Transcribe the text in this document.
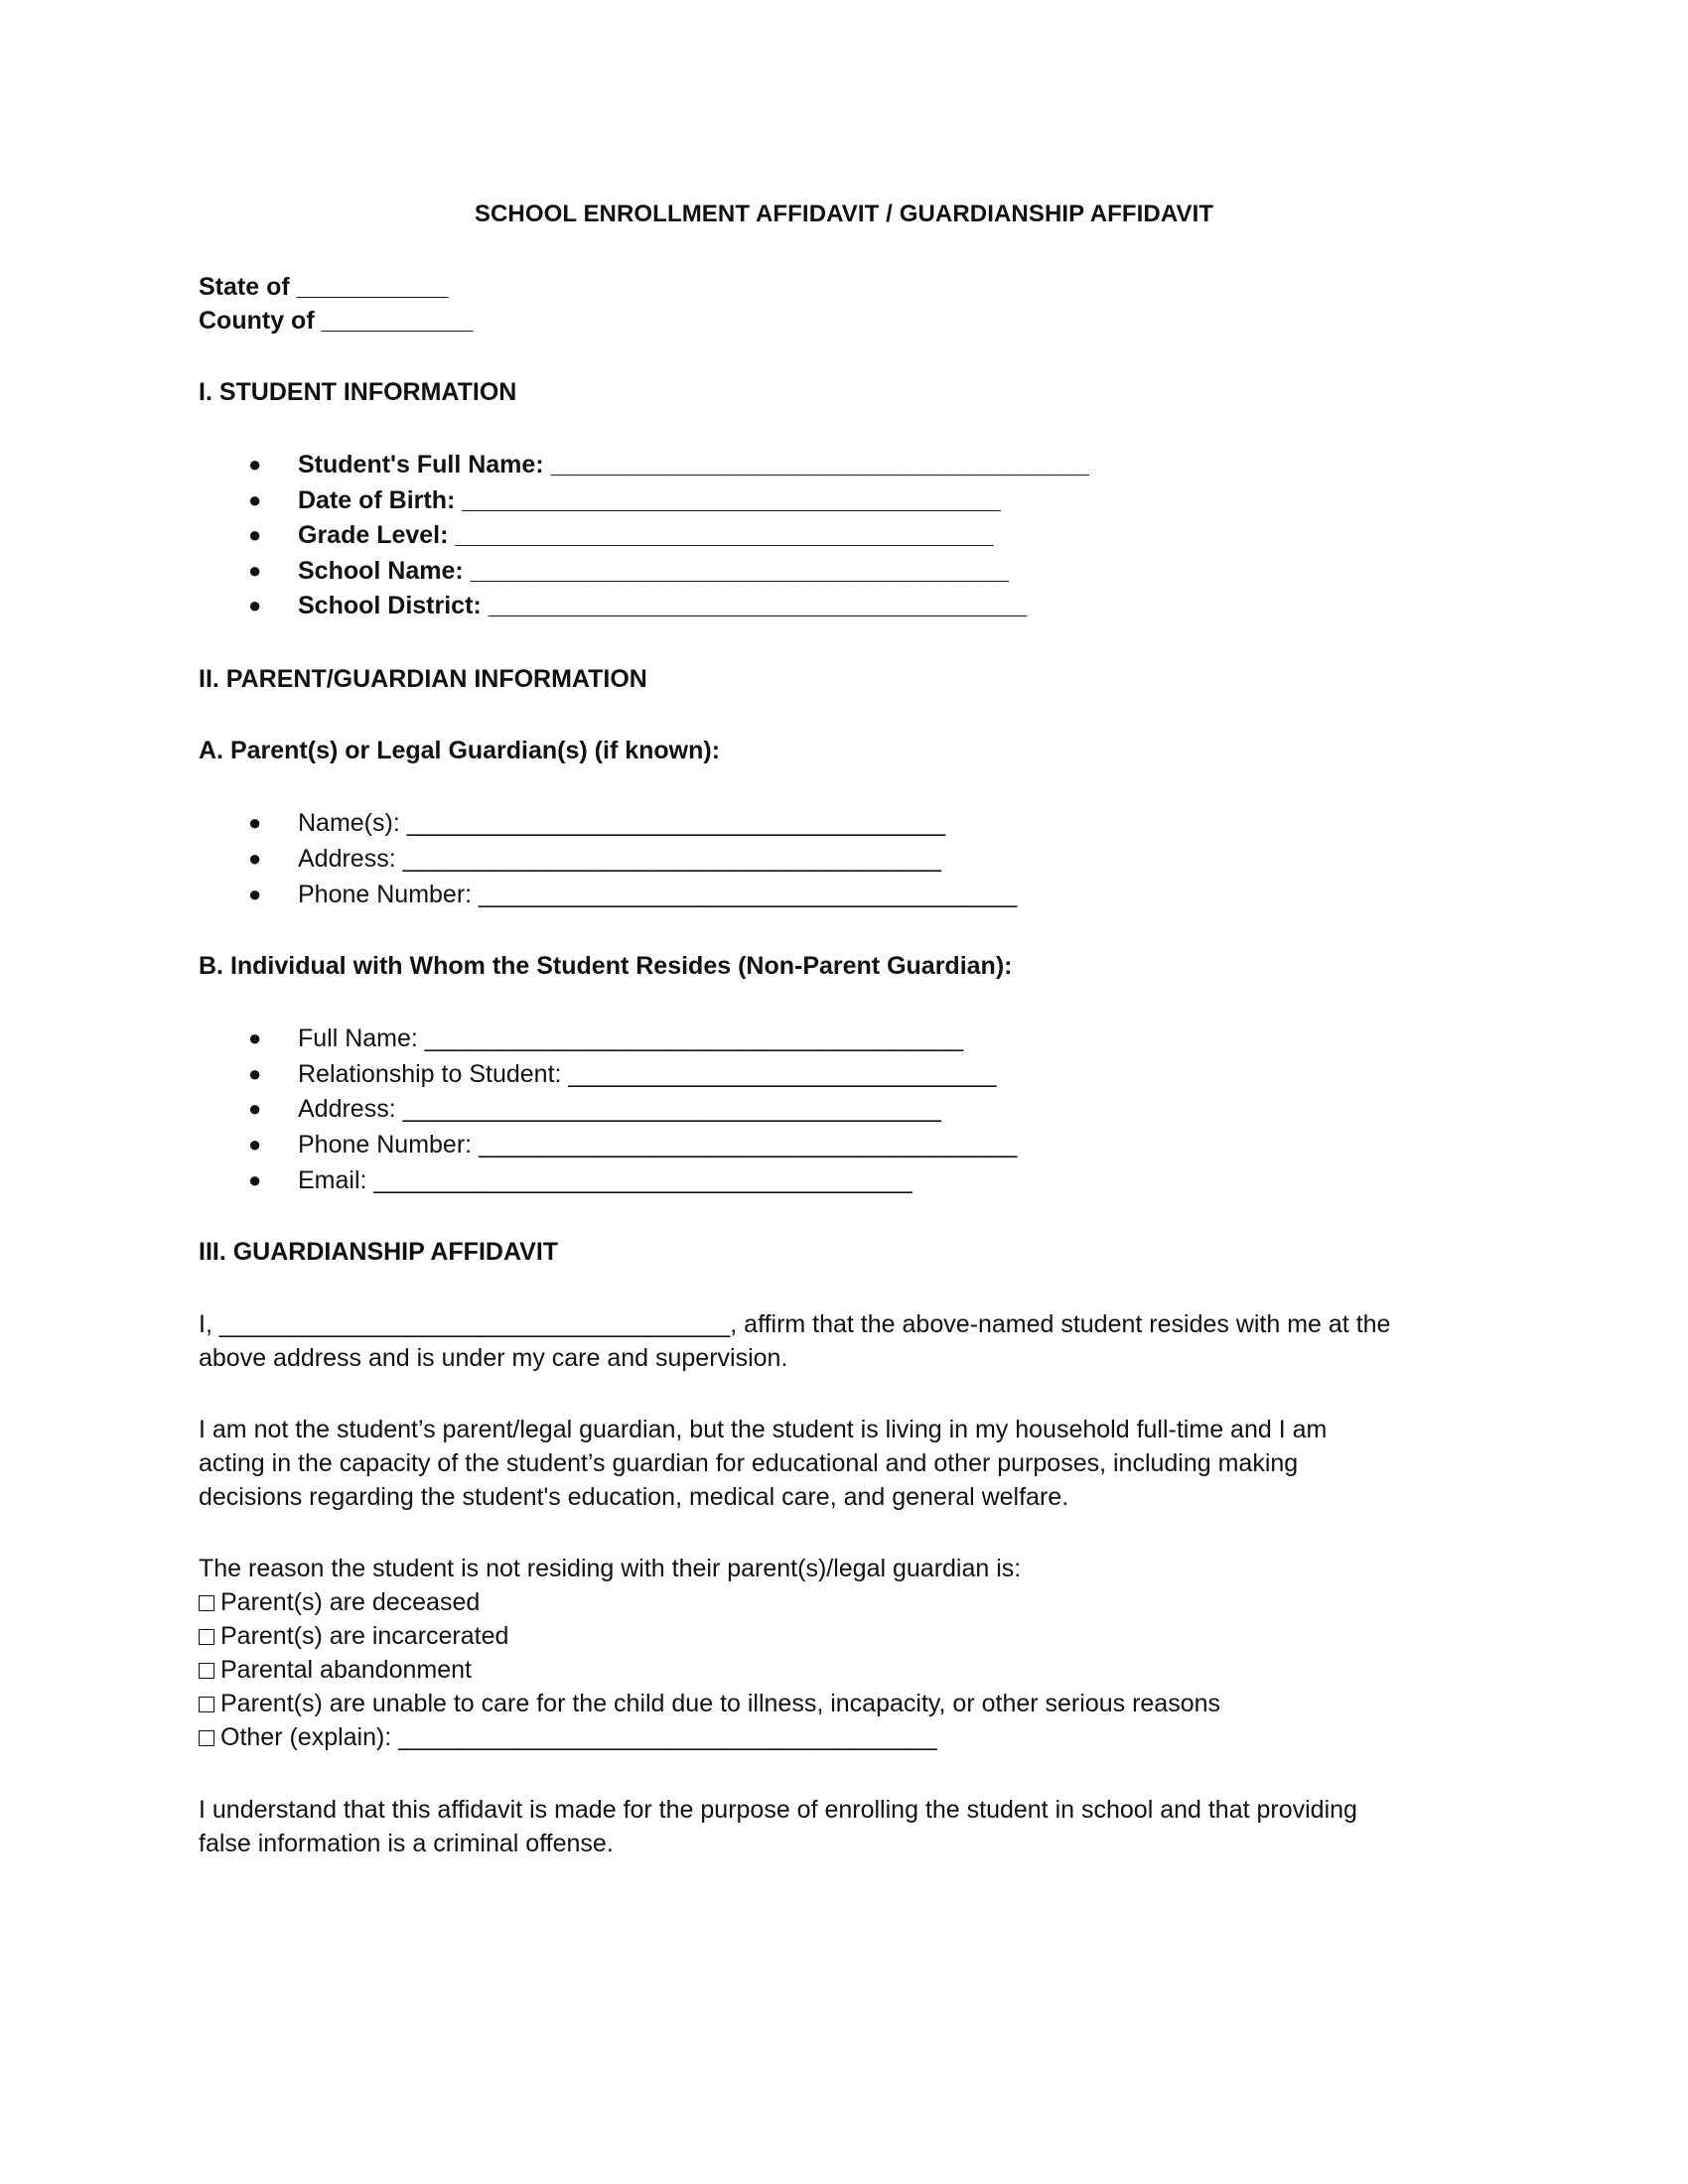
SCHOOL ENROLLMENT AFFIDAVIT / GUARDIANSHIP AFFIDAVIT
State of ___________
County of ___________
I. STUDENT INFORMATION
● Student's Full Name: _______________________________________
● Date of Birth: _______________________________________
● Grade Level: _______________________________________
● School Name: _______________________________________
● School District: _______________________________________
II. PARENT/GUARDIAN INFORMATION
A. Parent(s) or Legal Guardian(s) (if known):
● Name(s): _______________________________________
● Address: _______________________________________
● Phone Number: _______________________________________
B. Individual with Whom the Student Resides (Non-Parent Guardian):
● Full Name: _______________________________________
● Relationship to Student: _______________________________
● Address: _______________________________________
● Phone Number: _______________________________________
● Email: _______________________________________
III. GUARDIANSHIP AFFIDAVIT
I, _____________________________________, affirm that the above-named student resides with me at the
above address and is under my care and supervision.
I am not the student’s parent/legal guardian, but the student is living in my household full-time and I am
acting in the capacity of the student’s guardian for educational and other purposes, including making
decisions regarding the student's education, medical care, and general welfare.
The reason the student is not residing with their parent(s)/legal guardian is:
Parent(s) are deceased
Parent(s) are incarcerated
Parental abandonment
Parent(s) are unable to care for the child due to illness, incapacity, or other serious reasons
Other (explain): _______________________________________
I understand that this affidavit is made for the purpose of enrolling the student in school and that providing
false information is a criminal offense.
